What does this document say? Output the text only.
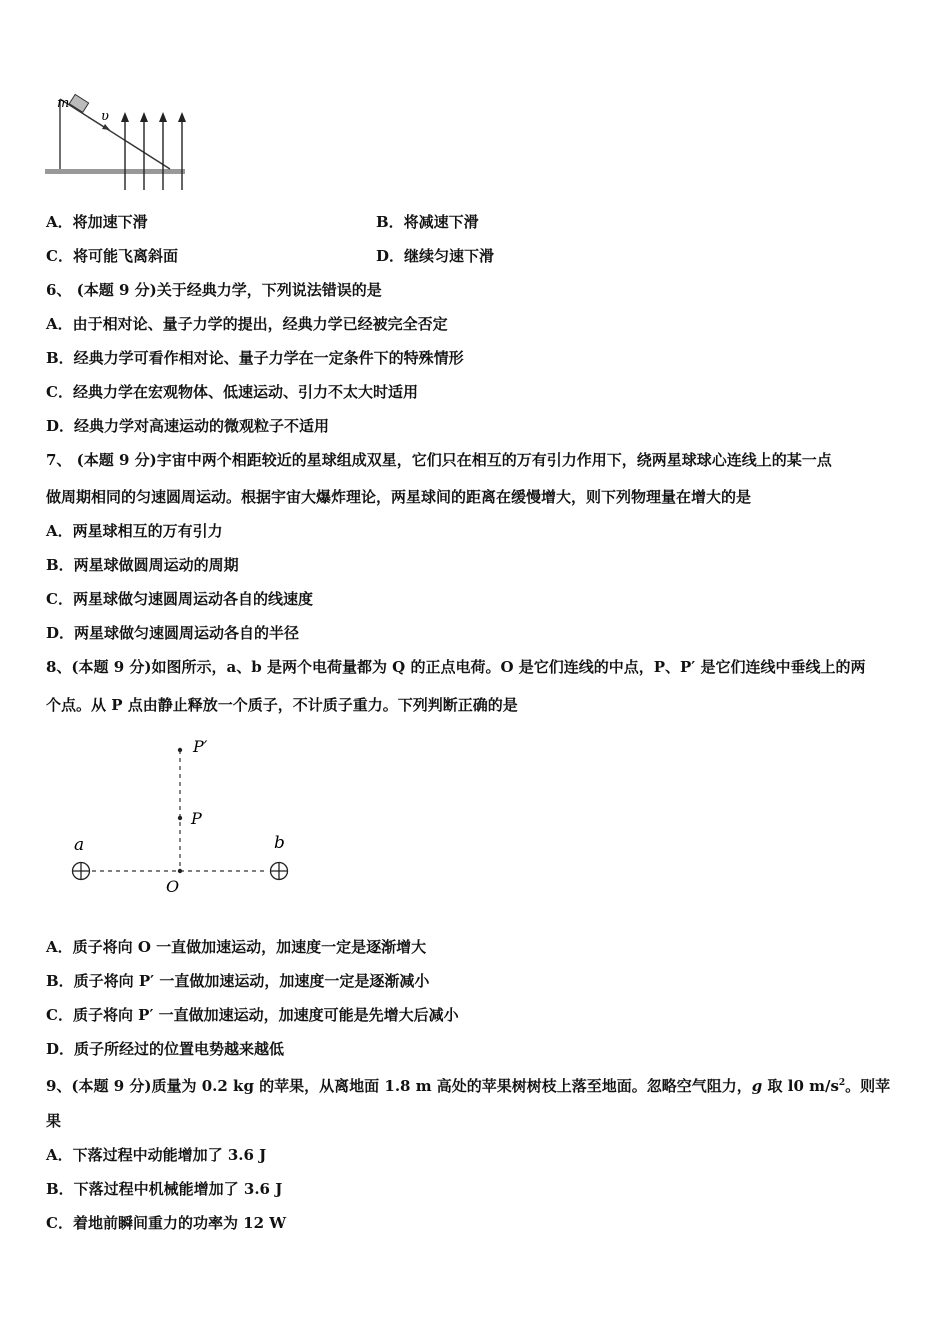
m
υ
A．将加速下滑	B．将减速下滑
C．将可能飞离斜面	D．继续匀速下滑
6、 (本题 9 分)关于经典力学，下列说法错误的是
A．由于相对论、量子力学的提出，经典力学已经被完全否定
B．经典力学可看作相对论、量子力学在一定条件下的特殊情形
C．经典力学在宏观物体、低速运动、引力不太大时适用
D．经典力学对高速运动的微观粒子不适用
7、 (本题 9 分)宇宙中两个相距较近的星球组成双星，它们只在相互的万有引力作用下，绕两星球球心连线上的某一点
做周期相同的匀速圆周运动。根据宇宙大爆炸理论，两星球间的距离在缓慢增大，则下列物理量在增大的是
A．两星球相互的万有引力
B．两星球做圆周运动的周期
C．两星球做匀速圆周运动各自的线速度
D．两星球做匀速圆周运动各自的半径
8、(本题 9 分)如图所示，a、b 是两个电荷量都为 Q 的正点电荷。O 是它们连线的中点，P、P′ 是它们连线中垂线上的两
个点。从 P 点由静止释放一个质子，不计质子重力。下列判断正确的是
P′
P
a	b
O
A．质子将向 O 一直做加速运动，加速度一定是逐渐增大
B．质子将向 P′ 一直做加速运动，加速度一定是逐渐减小
C．质子将向 P′ 一直做加速运动，加速度可能是先增大后减小
D．质子所经过的位置电势越来越低
9、(本题 9 分)质量为 0.2 kg 的苹果，从离地面 1.8 m 高处的苹果树树枝上落至地面。忽略空气阻力，g 取 l0 $m/s^2$。则苹
果
A．下落过程中动能增加了 3.6 J
B．下落过程中机械能增加了 3.6 J
C．着地前瞬间重力的功率为 12 W
